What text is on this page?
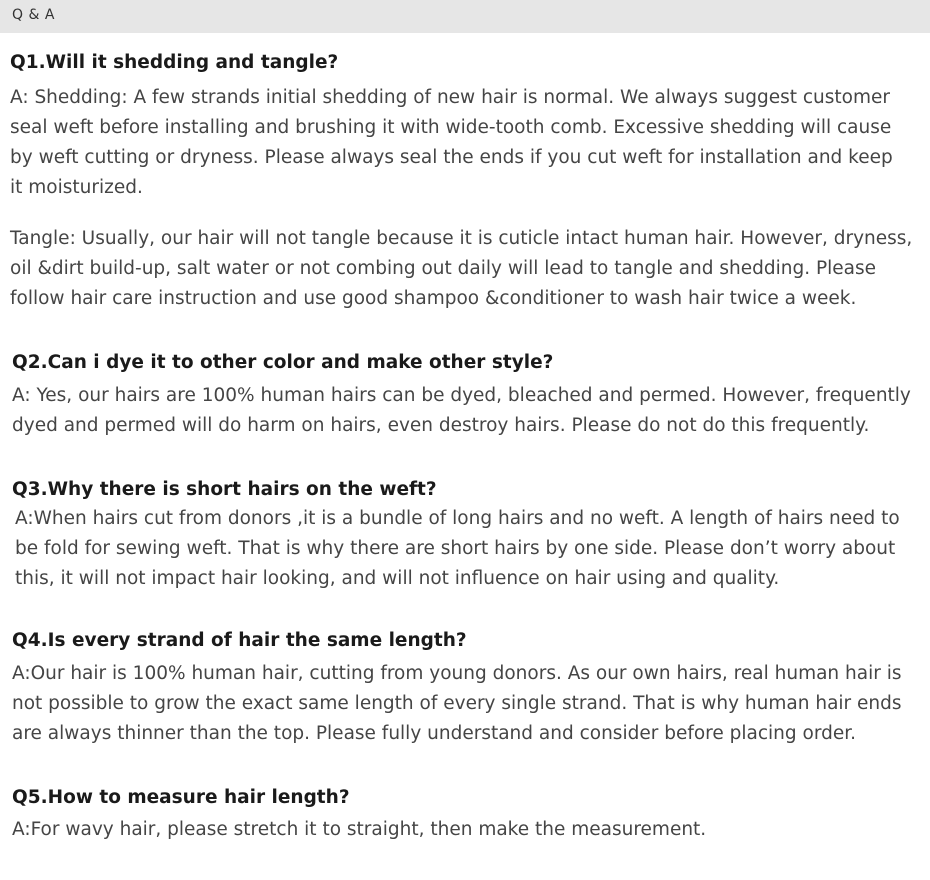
Q & A
Q1.Will it shedding and tangle?
A: Shedding: A few strands initial shedding of new hair is normal. We always suggest customer
seal weft before installing and brushing it with wide-tooth comb. Excessive shedding will cause
by weft cutting or dryness. Please always seal the ends if you cut weft for installation and keep
it moisturized.
Tangle: Usually, our hair will not tangle because it is cuticle intact human hair. However, dryness,
oil &dirt build-up, salt water or not combing out daily will lead to tangle and shedding. Please
follow hair care instruction and use good shampoo &conditioner to wash hair twice a week.
Q2.Can i dye it to other color and make other style?
A: Yes, our hairs are 100% human hairs can be dyed, bleached and permed. However, frequently
dyed and permed will do harm on hairs, even destroy hairs. Please do not do this frequently.
Q3.Why there is short hairs on the weft?
A:When hairs cut from donors ,it is a bundle of long hairs and no weft. A length of hairs need to
be fold for sewing weft. That is why there are short hairs by one side. Please don’t worry about
this, it will not impact hair looking, and will not influence on hair using and quality.
Q4.Is every strand of hair the same length?
A:Our hair is 100% human hair, cutting from young donors. As our own hairs, real human hair is
not possible to grow the exact same length of every single strand. That is why human hair ends
are always thinner than the top. Please fully understand and consider before placing order.
Q5.How to measure hair length?
A:For wavy hair, please stretch it to straight, then make the measurement.
